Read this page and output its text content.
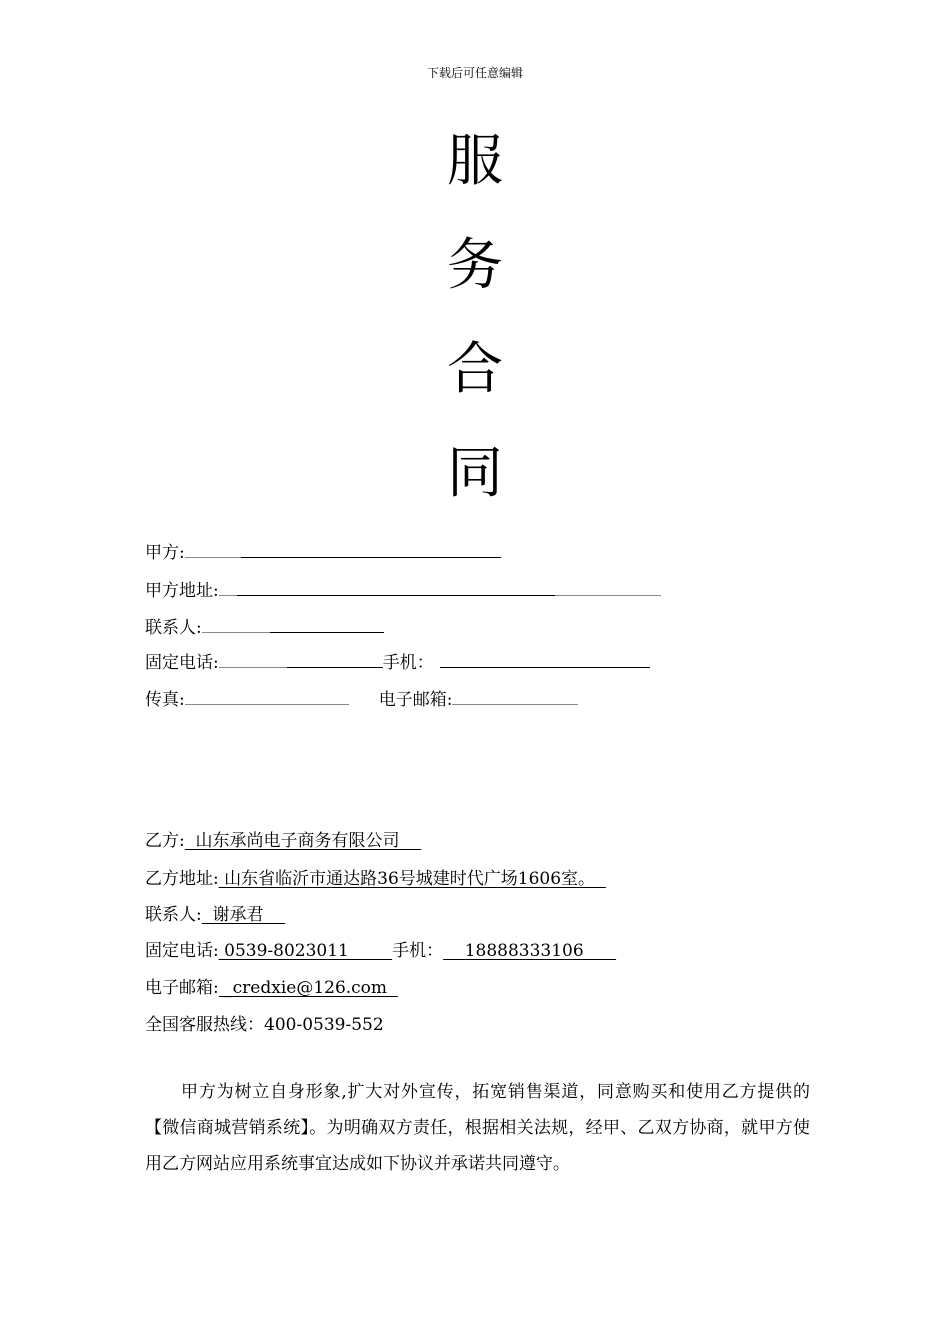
下载后可任意编辑
服
务
合
同
甲方:
甲方地址:
联系人:
固定电话:	手机：
传真:	电子邮箱:
乙方:  山东承尚电子商务有限公司
乙方地址: 山东省临沂市通达路36号城建时代广场1606室。
联系人:  谢承君
固定电话: 0539-8023011        手机：    18888333106
电子邮箱: _credxie@126.com
全国客服热线：400-0539-552
甲方为树立自身形象,扩大对外宣传，拓宽销售渠道，同意购买和使用乙方提供的【微信商城营销系统】。为明确双方责任，根据相关法规，经甲、乙双方协商，就甲方使用乙方网站应用系统事宜达成如下协议并承诺共同遵守。
